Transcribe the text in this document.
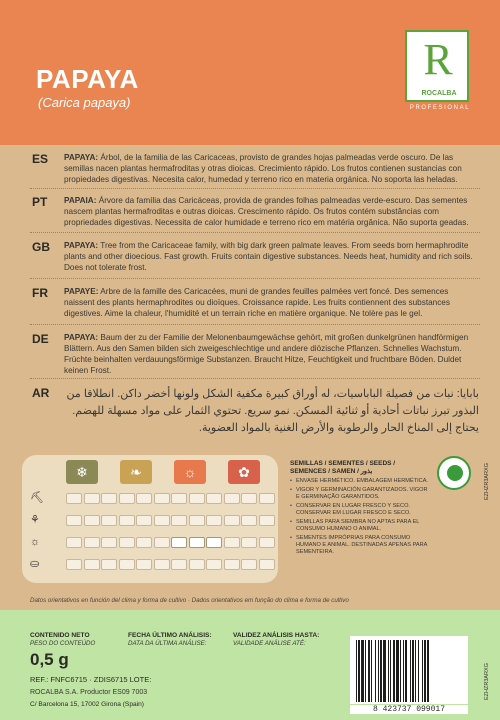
PAPAYA
(Carica papaya)
R
ROCALBA
PROFESIONAL
ES PAPAYA: Árbol, de la familia de las Caricaceas, provisto de grandes hojas palmeadas verde oscuro. De las semillas nacen plantas hermafroditas y otras dioicas. Crecimiento rápido. Los frutos contienen sustancias con propiedades digestivas. Necesita calor, humedad y terreno rico en materia orgánica. No soporta las heladas.
PT PAPAIA: Árvore da família das Caricáceas, provida de grandes folhas palmeadas verde-escuro. Das sementes nascem plantas hermafroditas e outras dioicas. Crescimento rápido. Os frutos contém substâncias com propriedades digestivas. Necessita de calor humidade e terreno rico em matéria orgânica. Não suporta geadas.
GB PAPAYA: Tree from the Caricaceae family, with big dark green palmate leaves. From seeds born hermaphrodite plants and other dioecious. Fast growth. Fruits contain digestive substances. Needs heat, humidity and rich soils. Does not tolerate frost.
FR PAPAYE: Arbre de la famille des Caricacées, muni de grandes feuilles palmées vert foncé. Des semences naissent des plants hermaphrodites ou dioïques. Croissance rapide. Les fruits contiennent des substances digestives. Aime la chaleur, l'humidité et un terrain riche en matière organique. Ne tolère pas le gel.
DE PAPAYA: Baum der zu der Familie der Melonenbaumgewächse gehört, mit großen dunkelgrünen handförmigen Blättern. Aus den Samen bilden sich zweigeschlechtige und andere diözische Pflanzen. Schnelles Wachstum. Früchte beinhalten verdauungsförmige Substanzen. Braucht Hitze, Feuchtigkeit und fruchtbare Böden. Duldet keinen Frost.
AR بابايا: نبات من فصيلة الباباسيات، له أوراق كبيرة مكفية الشكل ولونها أخضر داكن. انطلاقا من البذور تبرز نباتات أحادية أو ثنائية المسكن. نمو سريع. تحتوي الثمار على مواد مسهلة للهضم. يحتاج إلى المناخ الحار والرطوبة والأرض الغنية بالمواد العضوية.
❄	❧	☼	✿
⛏
⚘
☼
⛀
SEMILLAS / SEMENTES / SEEDS /
SEMENCES / SAMEN / بذور
• ENVASE HERMÉTICO. EMBALAGEM HERMÉTICA.
• VIGOR Y GERMINACIÓN GARANTIZADOS. VIGOR E GERMINAÇÃO GARANTIDOS.
• CONSERVAR EN LUGAR FRESCO Y SECO. CONSERVAR EM LUGAR FRESCO E SECO.
• SEMILLAS PARA SIEMBRA NO APTAS PARA EL CONSUMO HUMANO O ANIMAL.
• SEMENTES IMPRÓPRIAS PARA CONSUMO HUMANO E ANIMAL. DESTINADAS APENAS PARA SEMENTEIRA.
Datos orientativos en función del clima y forma de cultivo · Dados orientativos em função do clima e forma de cultivo
CONTENIDO NETO
PESO DO CONTEÚDO
0,5 g
FECHA ÚLTIMO ANÁLISIS:
DATA DA ÚLTIMA ANÁLISE:
VALIDEZ ANÁLISIS HASTA:
VALIDADE ANÁLISE ATÉ:
REF.: FNFC6715 · ZDIS6715 LOTE:
ROCALBA S.A. Productor ES09 7003
C/ Barcelona 15, 17002 Girona (Spain)
8 423737 099017
EZHZR3ARXG
EZHZR3ARXG
